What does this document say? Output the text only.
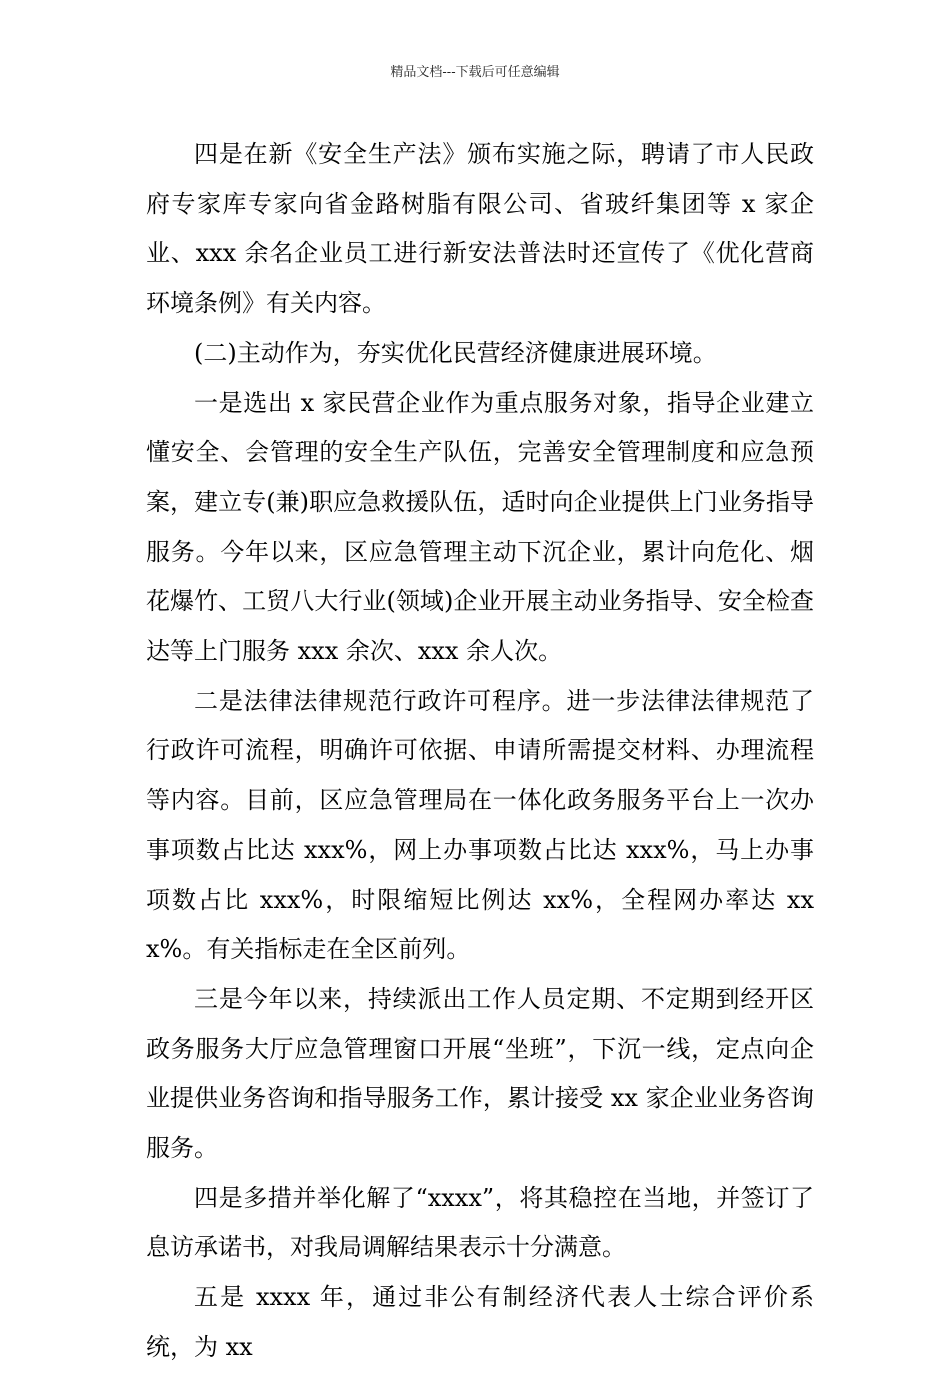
精品文档---下载后可任意编辑

四是在新《安全生产法》颁布实施之际，聘请了市人民政府专家库专家向省金路树脂有限公司、省玻纤集团等 x 家企业、xxx 余名企业员工进行新安法普法时还宣传了《优化营商环境条例》有关内容。

(二)主动作为，夯实优化民营经济健康进展环境。

一是选出 x 家民营企业作为重点服务对象，指导企业建立懂安全、会管理的安全生产队伍，完善安全管理制度和应急预案，建立专(兼)职应急救援队伍，适时向企业提供上门业务指导服务。今年以来，区应急管理主动下沉企业，累计向危化、烟花爆竹、工贸八大行业(领域)企业开展主动业务指导、安全检查达等上门服务 xxx 余次、xxx 余人次。

二是法律法律规范行政许可程序。进一步法律法律规范了行政许可流程，明确许可依据、申请所需提交材料、办理流程等内容。目前，区应急管理局在一体化政务服务平台上一次办事项数占比达 xxx%，网上办事项数占比达 xxx%，马上办事项数占比 xxx%，时限缩短比例达 xx%，全程网办率达 xxx%。有关指标走在全区前列。

三是今年以来，持续派出工作人员定期、不定期到经开区政务服务大厅应急管理窗口开展“坐班”，下沉一线，定点向企业提供业务咨询和指导服务工作，累计接受 xx 家企业业务咨询服务。

四是多措并举化解了“xxxx”，将其稳控在当地，并签订了息访承诺书，对我局调解结果表示十分满意。

五是 xxxx 年，通过非公有制经济代表人士综合评价系统，为 xx
